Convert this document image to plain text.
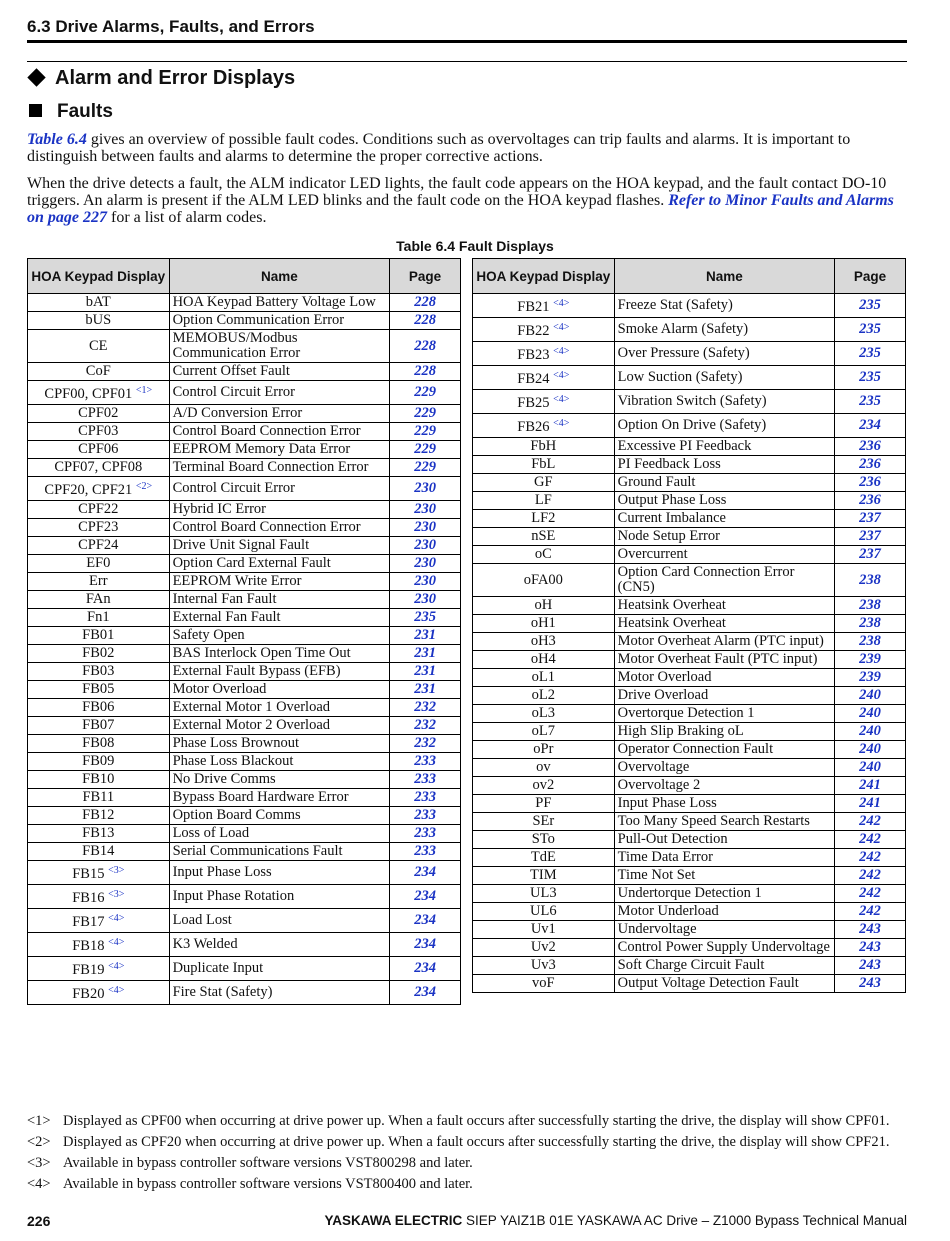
6.3 Drive Alarms, Faults, and Errors
Alarm and Error Displays
Faults
Table 6.4 gives an overview of possible fault codes. Conditions such as overvoltages can trip faults and alarms. It is important to distinguish between faults and alarms to determine the proper corrective actions.
When the drive detects a fault, the ALM indicator LED lights, the fault code appears on the HOA keypad, and the fault contact DO-10 triggers. An alarm is present if the ALM LED blinks and the fault code on the HOA keypad flashes. Refer to Minor Faults and Alarms on page 227 for a list of alarm codes.
Table 6.4 Fault Displays
HOA Keypad Display	Name	Page
bAT	HOA Keypad Battery Voltage Low	228
bUS	Option Communication Error	228
CE	MEMOBUS/Modbus Communication Error	228
CoF	Current Offset Fault	228
CPF00, CPF01 $^{<1>}$	Control Circuit Error	229
CPF02	A/D Conversion Error	229
CPF03	Control Board Connection Error	229
CPF06	EEPROM Memory Data Error	229
CPF07, CPF08	Terminal Board Connection Error	229
CPF20, CPF21 $^{<2>}$	Control Circuit Error	230
CPF22	Hybrid IC Error	230
CPF23	Control Board Connection Error	230
CPF24	Drive Unit Signal Fault	230
EF0	Option Card External Fault	230
Err	EEPROM Write Error	230
FAn	Internal Fan Fault	230
Fn1	External Fan Fault	235
FB01	Safety Open	231
FB02	BAS Interlock Open Time Out	231
FB03	External Fault Bypass (EFB)	231
FB05	Motor Overload	231
FB06	External Motor 1 Overload	232
FB07	External Motor 2 Overload	232
FB08	Phase Loss Brownout	232
FB09	Phase Loss Blackout	233
FB10	No Drive Comms	233
FB11	Bypass Board Hardware Error	233
FB12	Option Board Comms	233
FB13	Loss of Load	233
FB14	Serial Communications Fault	233
FB15 $^{<3>}$	Input Phase Loss	234
FB16 $^{<3>}$	Input Phase Rotation	234
FB17 $^{<4>}$	Load Lost	234
FB18 $^{<4>}$	K3 Welded	234
FB19 $^{<4>}$	Duplicate Input	234
FB20 $^{<4>}$	Fire Stat (Safety)	234
HOA Keypad Display	Name	Page
FB21 $^{<4>}$	Freeze Stat (Safety)	235
FB22 $^{<4>}$	Smoke Alarm (Safety)	235
FB23 $^{<4>}$	Over Pressure (Safety)	235
FB24 $^{<4>}$	Low Suction (Safety)	235
FB25 $^{<4>}$	Vibration Switch (Safety)	235
FB26 $^{<4>}$	Option On Drive (Safety)	234
FbH	Excessive PI Feedback	236
FbL	PI Feedback Loss	236
GF	Ground Fault	236
LF	Output Phase Loss	236
LF2	Current Imbalance	237
nSE	Node Setup Error	237
oC	Overcurrent	237
oFA00	Option Card Connection Error (CN5)	238
oH	Heatsink Overheat	238
oH1	Heatsink Overheat	238
oH3	Motor Overheat Alarm (PTC input)	238
oH4	Motor Overheat Fault (PTC input)	239
oL1	Motor Overload	239
oL2	Drive Overload	240
oL3	Overtorque Detection 1	240
oL7	High Slip Braking oL	240
oPr	Operator Connection Fault	240
ov	Overvoltage	240
ov2	Overvoltage 2	241
PF	Input Phase Loss	241
SEr	Too Many Speed Search Restarts	242
STo	Pull-Out Detection	242
TdE	Time Data Error	242
TIM	Time Not Set	242
UL3	Undertorque Detection 1	242
UL6	Motor Underload	242
Uv1	Undervoltage	243
Uv2	Control Power Supply Undervoltage	243
Uv3	Soft Charge Circuit Fault	243
voF	Output Voltage Detection Fault	243
<1> Displayed as CPF00 when occurring at drive power up. When a fault occurs after successfully starting the drive, the display will show CPF01.
<2> Displayed as CPF20 when occurring at drive power up. When a fault occurs after successfully starting the drive, the display will show CPF21.
<3> Available in bypass controller software versions VST800298 and later.
<4> Available in bypass controller software versions VST800400 and later.
226	YASKAWA ELECTRIC SIEP YAIZ1B 01E YASKAWA AC Drive – Z1000 Bypass Technical Manual
